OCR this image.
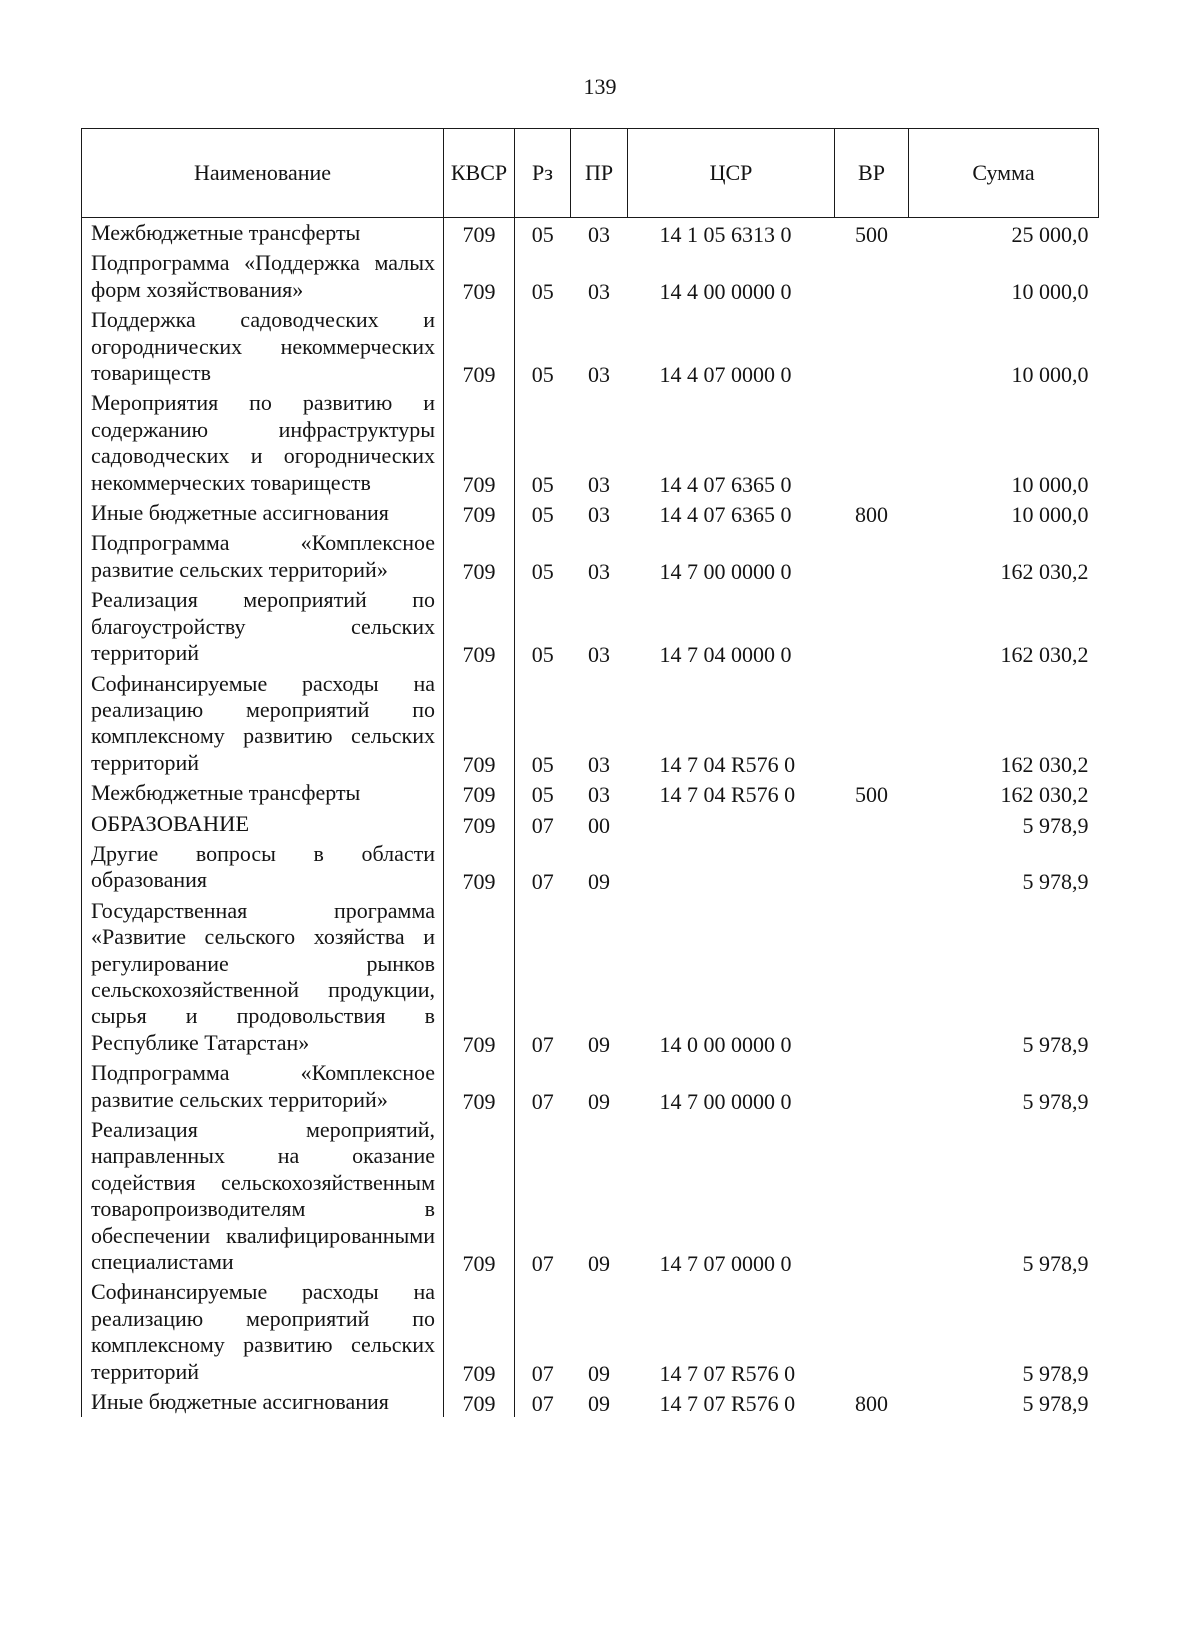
139
Наименование	КВСР	Рз	ПР	ЦСР	ВР	Сумма
Межбюджетные трансферты	709	05	03	14 1 05 6313 0	500	25 000,0
Подпрограмма «Поддержка малых форм хозяйствования»	709	05	03	14 4 00 0000 0		10 000,0
Поддержка садоводческих и огороднических некоммерческих товариществ	709	05	03	14 4 07 0000 0		10 000,0
Мероприятия по развитию и содержанию инфраструктуры садоводческих и огороднических некоммерческих товариществ	709	05	03	14 4 07 6365 0		10 000,0
Иные бюджетные ассигнования	709	05	03	14 4 07 6365 0	800	10 000,0
Подпрограмма «Комплексное развитие сельских территорий»	709	05	03	14 7 00 0000 0		162 030,2
Реализация мероприятий по благоустройству сельских территорий	709	05	03	14 7 04 0000 0		162 030,2
Софинансируемые расходы на реализацию мероприятий по комплексному развитию сельских территорий	709	05	03	14 7 04 R576 0		162 030,2
Межбюджетные трансферты	709	05	03	14 7 04 R576 0	500	162 030,2
ОБРАЗОВАНИЕ	709	07	00			5 978,9
Другие вопросы в области образования	709	07	09			5 978,9
Государственная программа «Развитие сельского хозяйства и регулирование рынков сельскохозяйственной продукции, сырья и продовольствия в Республике Татарстан»	709	07	09	14 0 00 0000 0		5 978,9
Подпрограмма «Комплексное развитие сельских территорий»	709	07	09	14 7 00 0000 0		5 978,9
Реализация мероприятий, направленных на оказание содействия сельскохозяйственным товаропроизводителям в обеспечении квалифицированными специалистами	709	07	09	14 7 07 0000 0		5 978,9
Софинансируемые расходы на реализацию мероприятий по комплексному развитию сельских территорий	709	07	09	14 7 07 R576 0		5 978,9
Иные бюджетные ассигнования	709	07	09	14 7 07 R576 0	800	5 978,9
